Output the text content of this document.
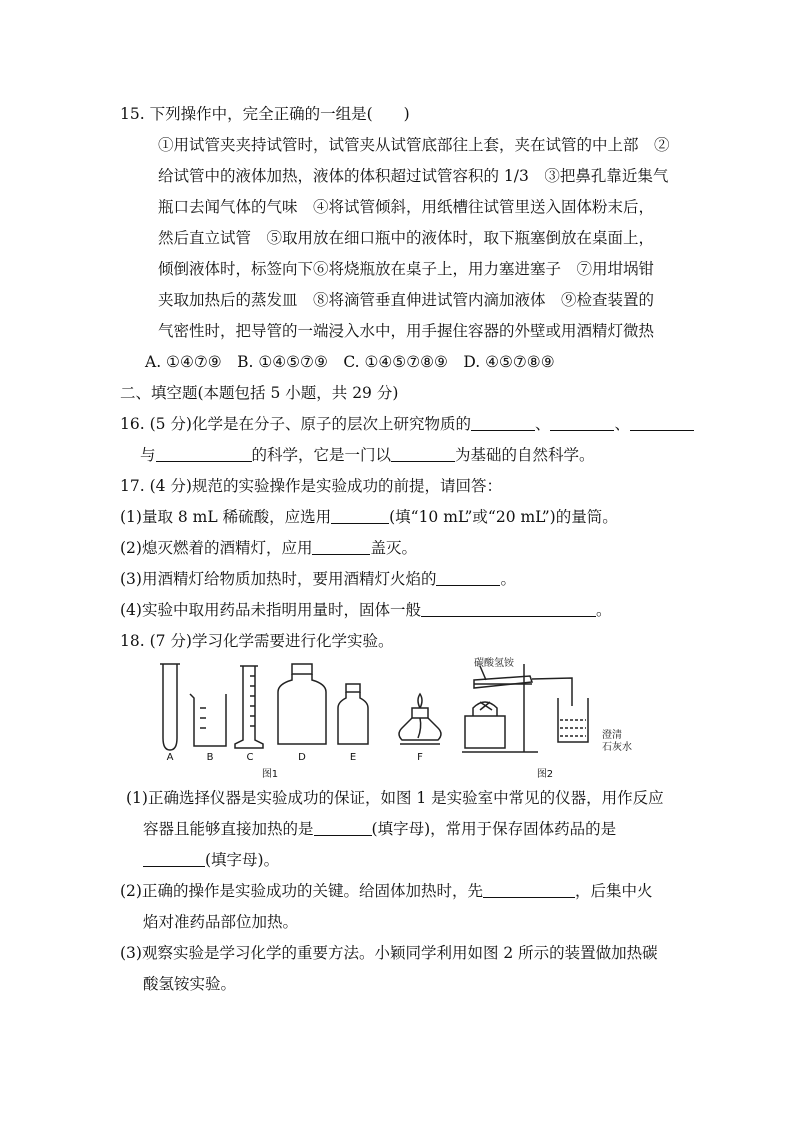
15. 下列操作中，完全正确的一组是(　　)
①用试管夹夹持试管时，试管夹从试管底部往上套，夹在试管的中上部　②
给试管中的液体加热，液体的体积超过试管容积的 1/3　③把鼻孔靠近集气
瓶口去闻气体的气味　④将试管倾斜，用纸槽往试管里送入固体粉末后，
然后直立试管　⑤取用放在细口瓶中的液体时，取下瓶塞倒放在桌面上，
倾倒液体时，标签向下⑥将烧瓶放在桌子上，用力塞进塞子　⑦用坩埚钳
夹取加热后的蒸发皿　⑧将滴管垂直伸进试管内滴加液体　⑨检查装置的
气密性时，把导管的一端浸入水中，用手握住容器的外壁或用酒精灯微热
A. ①④⑦⑨　B. ①④⑤⑦⑨　C. ①④⑤⑦⑧⑨　D. ④⑤⑦⑧⑨
二、填空题(本题包括 5 小题，共 29 分)
16. (5 分)化学是在分子、原子的层次上研究物质的	、	、
与	的科学，它是一门以	为基础的自然科学。
17. (4 分)规范的实验操作是实验成功的前提，请回答：
(1)量取 8 mL 稀硫酸，应选用	(填“10 mL”或“20 mL”)的量筒。
(2)熄灭燃着的酒精灯，应用	盖灭。
(3)用酒精灯给物质加热时，要用酒精灯火焰的	。
(4)实验中取用药品未指明用量时，固体一般	。
18. (7 分)学习化学需要进行化学实验。
A	B	C	D	E	F
图1	图2
碳酸氢铵
澄清
石灰水
(1)正确选择仪器是实验成功的保证，如图 1 是实验室中常见的仪器，用作反应
容器且能够直接加热的是	(填字母)，常用于保存固体药品的是
(填字母)。
(2)正确的操作是实验成功的关键。给固体加热时，先	，后集中火
焰对准药品部位加热。
(3)观察实验是学习化学的重要方法。小颖同学利用如图 2 所示的装置做加热碳
酸氢铵实验。
